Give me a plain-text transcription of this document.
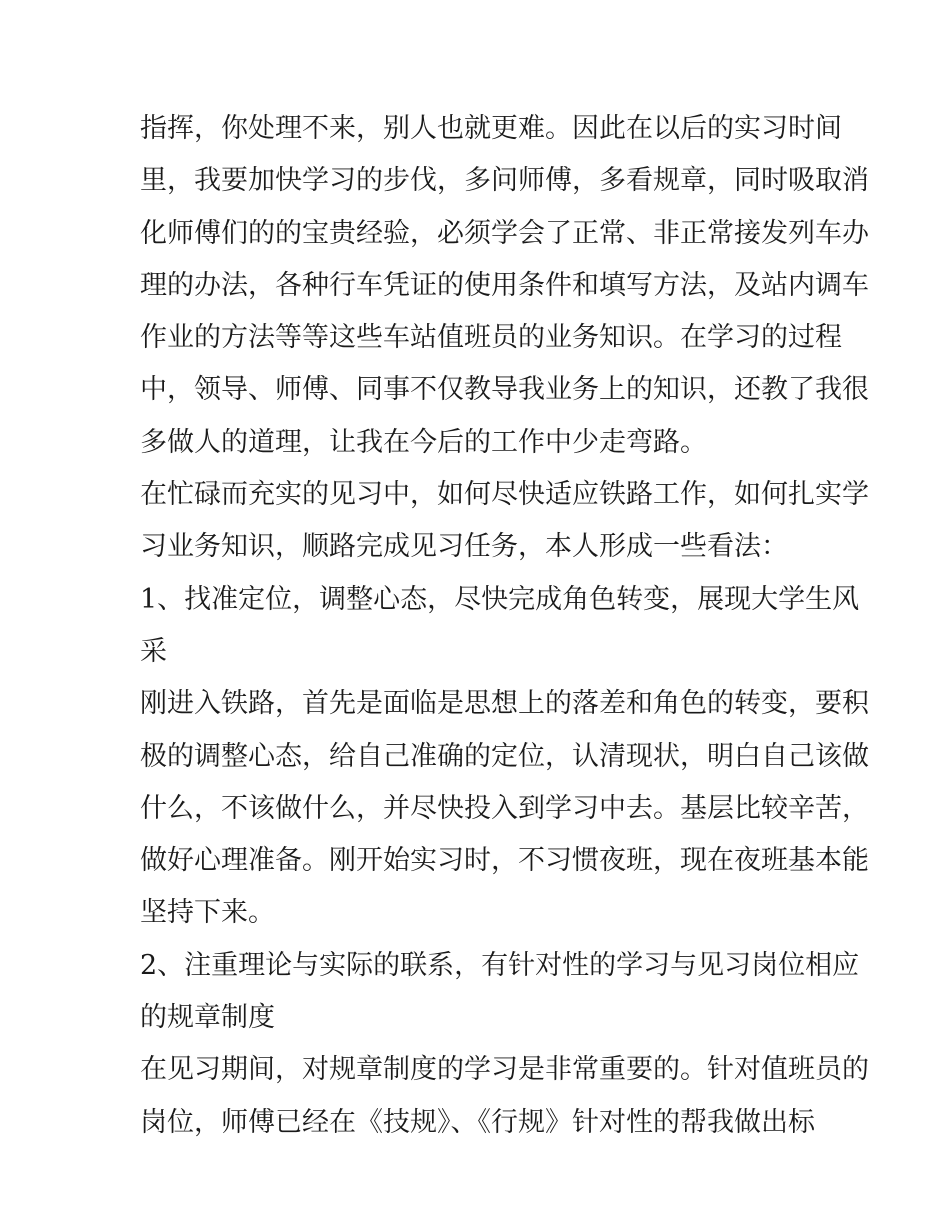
指挥，你处理不来，别人也就更难。因此在以后的实习时间
里，我要加快学习的步伐，多问师傅，多看规章，同时吸取消
化师傅们的的宝贵经验，必须学会了正常、非正常接发列车办
理的办法，各种行车凭证的使用条件和填写方法，及站内调车
作业的方法等等这些车站值班员的业务知识。在学习的过程
中，领导、师傅、同事不仅教导我业务上的知识，还教了我很
多做人的道理，让我在今后的工作中少走弯路。
在忙碌而充实的见习中，如何尽快适应铁路工作，如何扎实学
习业务知识，顺路完成见习任务，本人形成一些看法：
1、找准定位，调整心态，尽快完成角色转变，展现大学生风
采
刚进入铁路，首先是面临是思想上的落差和角色的转变，要积
极的调整心态，给自己准确的定位，认清现状，明白自己该做
什么，不该做什么，并尽快投入到学习中去。基层比较辛苦，
做好心理准备。刚开始实习时，不习惯夜班，现在夜班基本能
坚持下来。
2、注重理论与实际的联系，有针对性的学习与见习岗位相应
的规章制度
在见习期间，对规章制度的学习是非常重要的。针对值班员的
岗位，师傅已经在《技规》、《行规》针对性的帮我做出标
